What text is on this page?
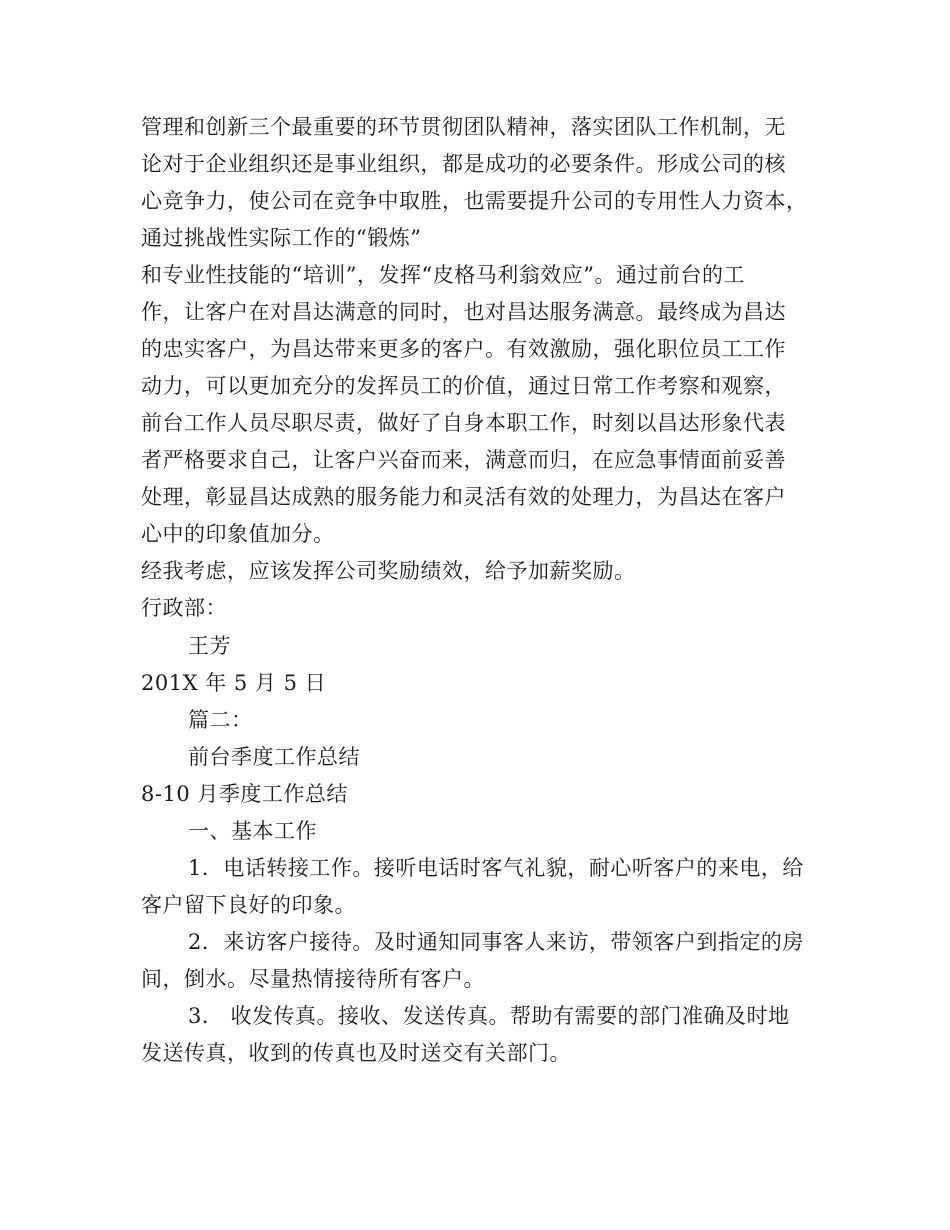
管理和创新三个最重要的环节贯彻团队精神，落实团队工作机制，无
论对于企业组织还是事业组织，都是成功的必要条件。形成公司的核
心竞争力，使公司在竞争中取胜，也需要提升公司的专用性人力资本，
通过挑战性实际工作的“锻炼”
和专业性技能的“培训”，发挥“皮格马利翁效应”。通过前台的工
作，让客户在对昌达满意的同时，也对昌达服务满意。最终成为昌达
的忠实客户，为昌达带来更多的客户。有效激励，强化职位员工工作
动力，可以更加充分的发挥员工的价值，通过日常工作考察和观察，
前台工作人员尽职尽责，做好了自身本职工作，时刻以昌达形象代表
者严格要求自己，让客户兴奋而来，满意而归，在应急事情面前妥善
处理，彰显昌达成熟的服务能力和灵活有效的处理力，为昌达在客户
心中的印象值加分。
经我考虑，应该发挥公司奖励绩效，给予加薪奖励。
行政部：
王芳
201X 年 5 月 5 日
篇二：
前台季度工作总结
8-10 月季度工作总结
一、基本工作
1．电话转接工作。接听电话时客气礼貌，耐心听客户的来电，给
客户留下良好的印象。
2．来访客户接待。及时通知同事客人来访，带领客户到指定的房
间，倒水。尽量热情接待所有客户。
3． 收发传真。接收、发送传真。帮助有需要的部门准确及时地
发送传真，收到的传真也及时送交有关部门。
